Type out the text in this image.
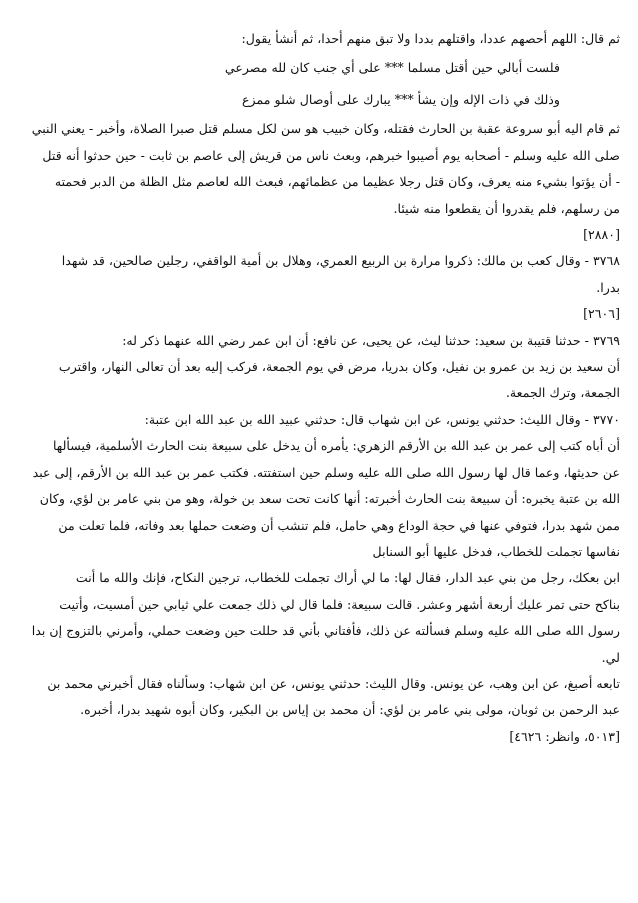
ثم قال: اللهم أحصهم عددا، واقتلهم بددا ولا تبق منهم أحدا، ثم أنشأ يقول:
فلست أبالي حين أقتل مسلما *** على أي جنب كان لله مصرعي
وذلك في ذات الإله وإن يشأ *** يبارك على أوصال شلو ممزع
ثم قام اليه أبو سروعة عقبة بن الحارث فقتله، وكان خبيب هو سن لكل مسلم قتل صبرا الصلاة، وأخبر - يعني النبي
صلى الله عليه وسلم - أصحابه يوم أصيبوا خبرهم، وبعث ناس من قريش إلى عاصم بن ثابت - حين حدثوا أنه قتل
- أن يؤتوا بشيء منه يعرف، وكان قتل رجلا عظيما من عظمائهم، فبعث الله لعاصم مثل الظلة من الدبر فحمته
من رسلهم، فلم يقدروا أن يقطعوا منه شيئا.
[٢٨٨٠]
٣٧٦٨ - وقال كعب بن مالك: ذكروا مرارة بن الربيع العمري، وهلال بن أمية الواقفي، رجلين صالحين، قد شهدا
بدرا.
[٢٦٠٦]
٣٧٦٩ - حدثنا قتيبة بن سعيد: حدثنا ليث، عن يحيى، عن نافع: أن ابن عمر رضي الله عنهما ذكر له:
أن سعيد بن زيد بن عمرو بن نفيل، وكان بدريا، مرض في يوم الجمعة، فركب إليه بعد أن تعالى النهار، واقترب
الجمعة، وترك الجمعة.
٣٧٧٠ - وقال الليث: حدثني يونس، عن ابن شهاب قال: حدثني عبيد الله بن عبد الله ابن عتبة:
أن أباه كتب إلى عمر بن عبد الله بن الأرقم الزهري: يأمره أن يدخل على سبيعة بنت الحارث الأسلمية، فيسألها
عن حديثها، وعما قال لها رسول الله صلى الله عليه وسلم حين استفتته. فكتب عمر بن عبد الله بن الأرقم، إلى عبد
الله بن عتبة يخبره: أن سبيعة بنت الحارث أخبرته: أنها كانت تحت سعد بن خولة، وهو من بني عامر بن لؤي، وكان
ممن شهد بدرا، فتوفي عنها في حجة الوداع وهي حامل، فلم تنشب أن وضعت حملها بعد وفاته، فلما تعلت من
نفاسها تجملت للخطاب، فدخل عليها أبو السنابل
ابن بعكك، رجل من بني عبد الدار، فقال لها: ما لي أراك تجملت للخطاب، ترجين النكاح، فإنك والله ما أنت
بناكح حتى تمر عليك أربعة أشهر وعشر. قالت سبيعة: فلما قال لي ذلك جمعت علي ثيابي حين أمسيت، وأتيت
رسول الله صلى الله عليه وسلم فسألته عن ذلك، فأفتاني بأني قد حللت حين وضعت حملي، وأمرني بالتزوج إن بدا
لي.
تابعه أصبغ، عن ابن وهب، عن يونس. وقال الليث: حدثني يونس، عن ابن شهاب: وسألناه فقال أخبرني محمد بن
عبد الرحمن بن ثوبان، مولى بني عامر بن لؤي: أن محمد بن إياس بن البكير، وكان أبوه شهيد بدرا، أخبره.
[٥٠١٣، وانظر: ٤٦٢٦]
